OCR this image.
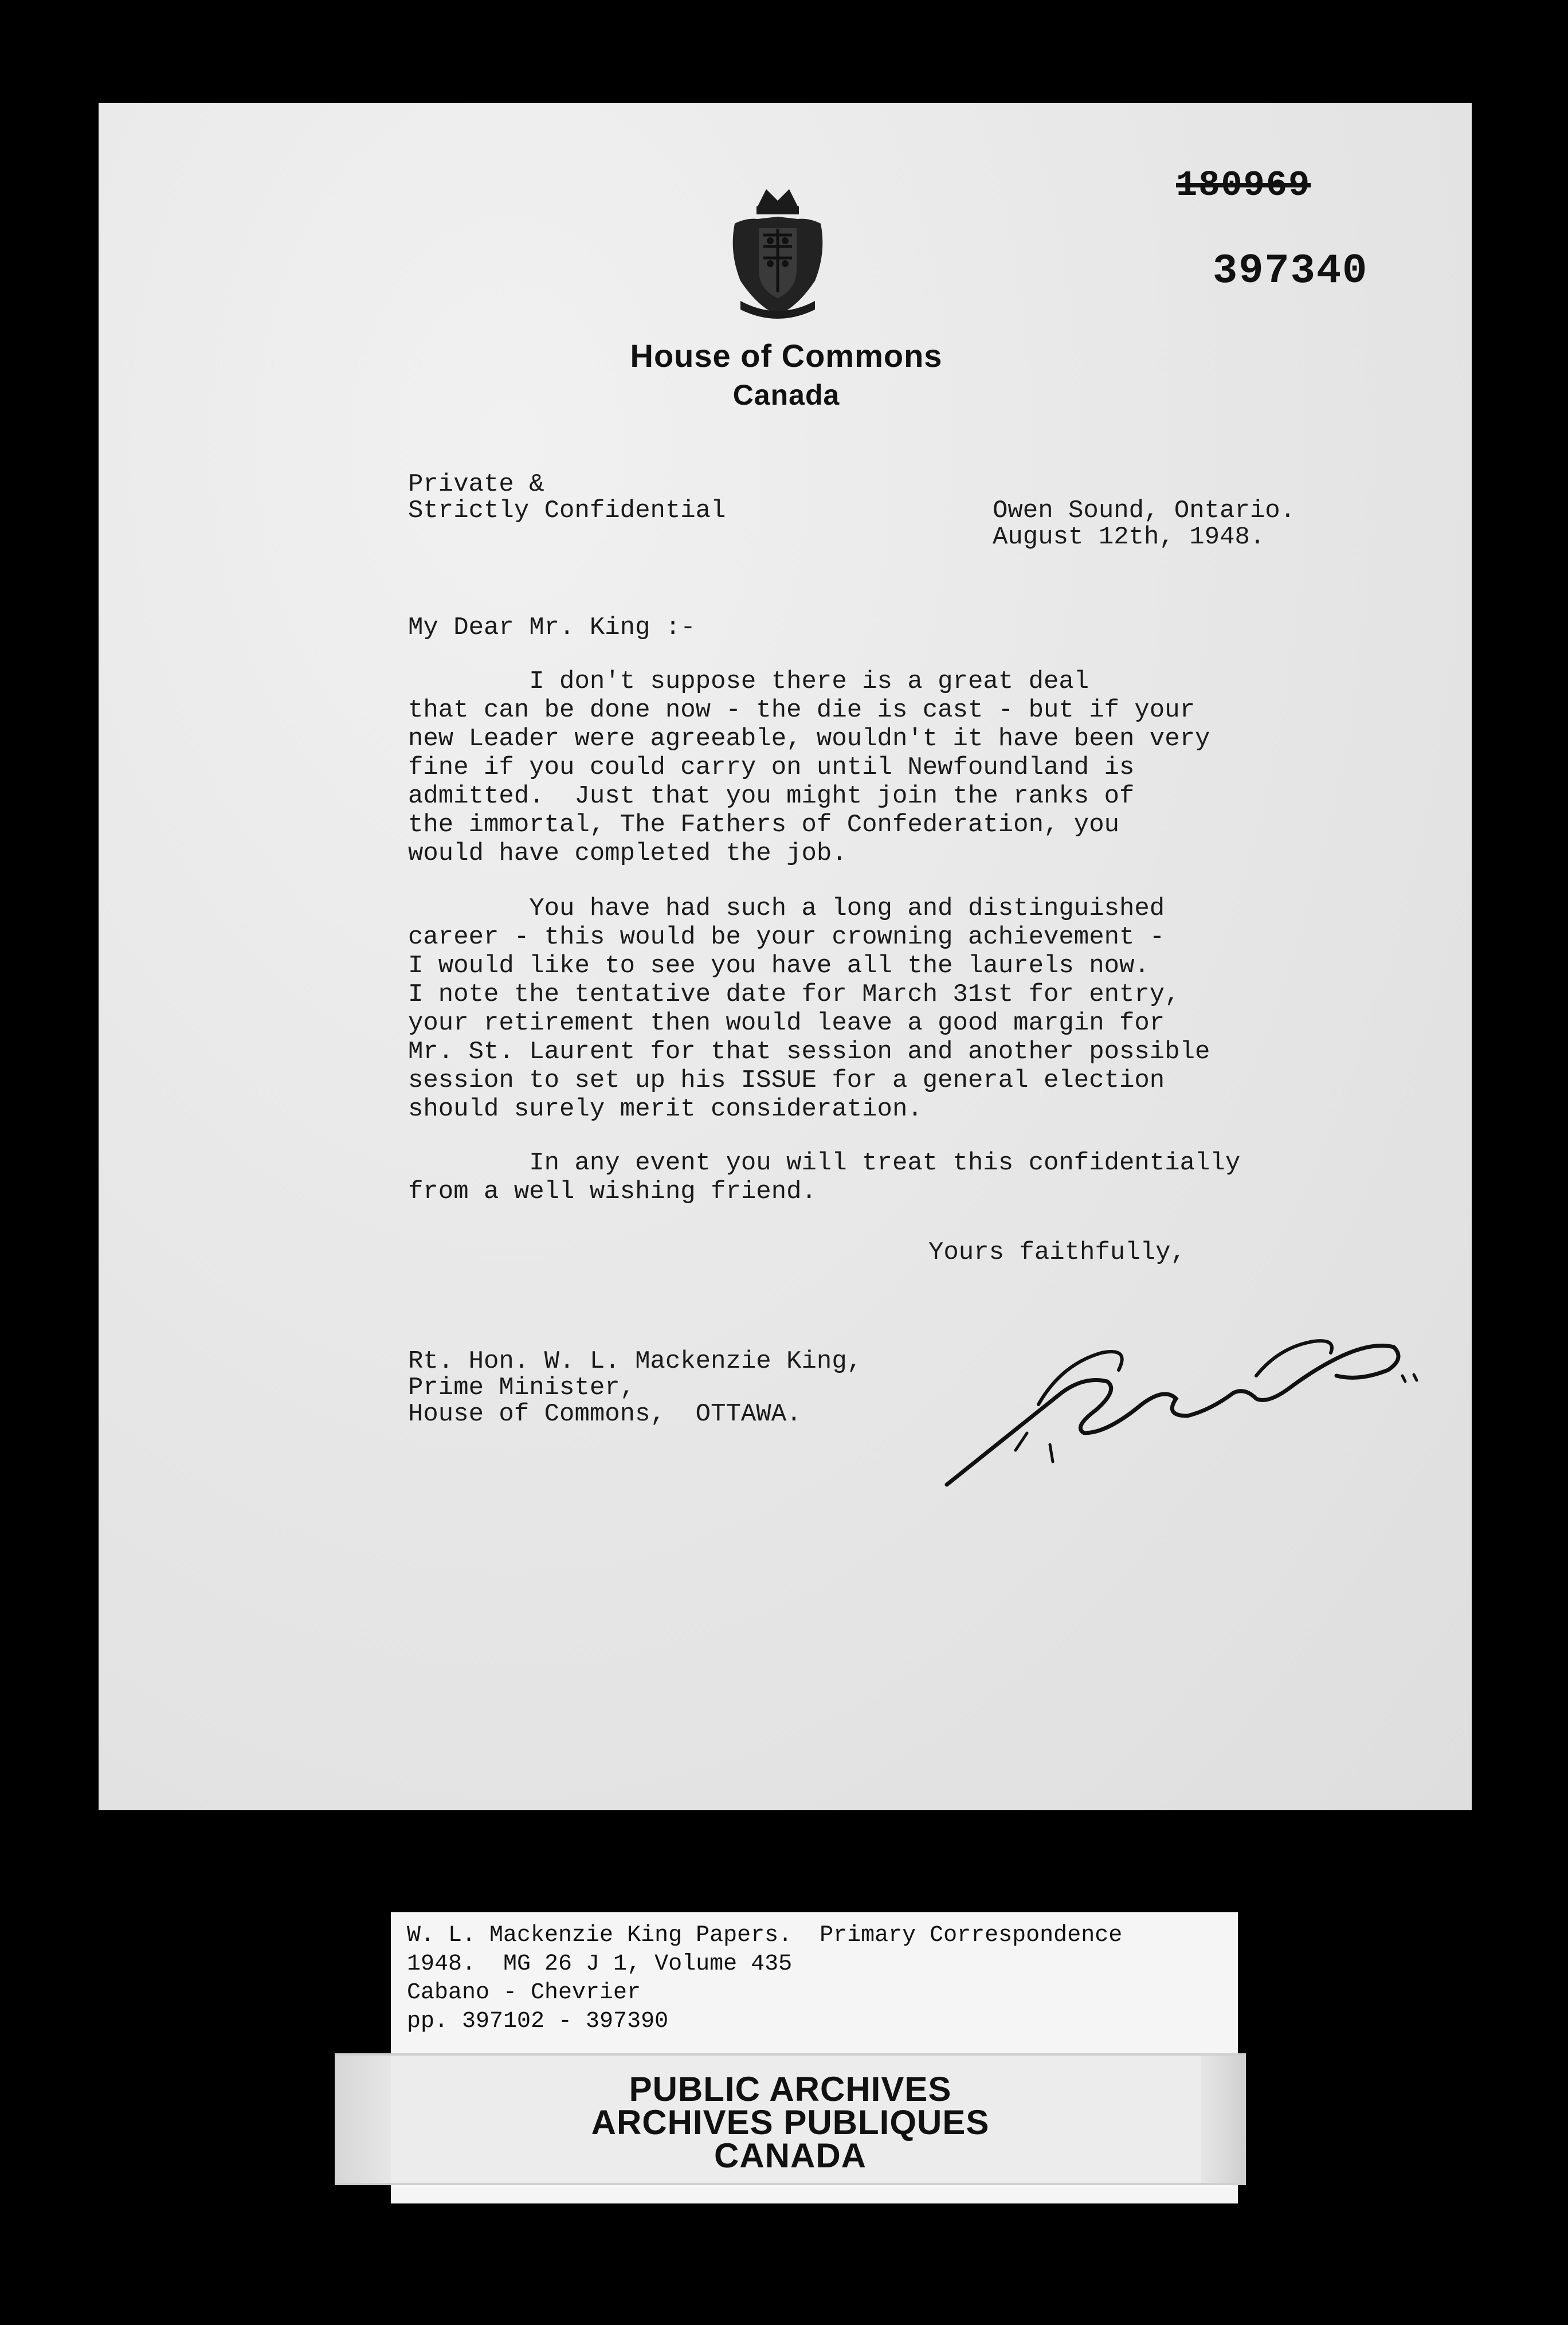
House of Commons
Canada
180969
397340
Private &
Strictly Confidential	Owen Sound, Ontario.
August 12th, 1948.
My Dear Mr. King :-
I don't suppose there is a great deal
that can be done now - the die is cast - but if your
new Leader were agreeable, wouldn't it have been very
fine if you could carry on until Newfoundland is
admitted.  Just that you might join the ranks of
the immortal, The Fathers of Confederation, you
would have completed the job.
You have had such a long and distinguished
career - this would be your crowning achievement -
I would like to see you have all the laurels now.
I note the tentative date for March 31st for entry,
your retirement then would leave a good margin for
Mr. St. Laurent for that session and another possible
session to set up his ISSUE for a general election
should surely merit consideration.
In any event you will treat this confidentially
from a well wishing friend.
Yours faithfully,
Rt. Hon. W. L. Mackenzie King,
Prime Minister,
House of Commons,  OTTAWA.
W. L. Mackenzie King Papers.  Primary Correspondence
1948.  MG 26 J 1, Volume 435
Cabano - Chevrier
pp. 397102 - 397390
PUBLIC ARCHIVES
ARCHIVES PUBLIQUES
CANADA
